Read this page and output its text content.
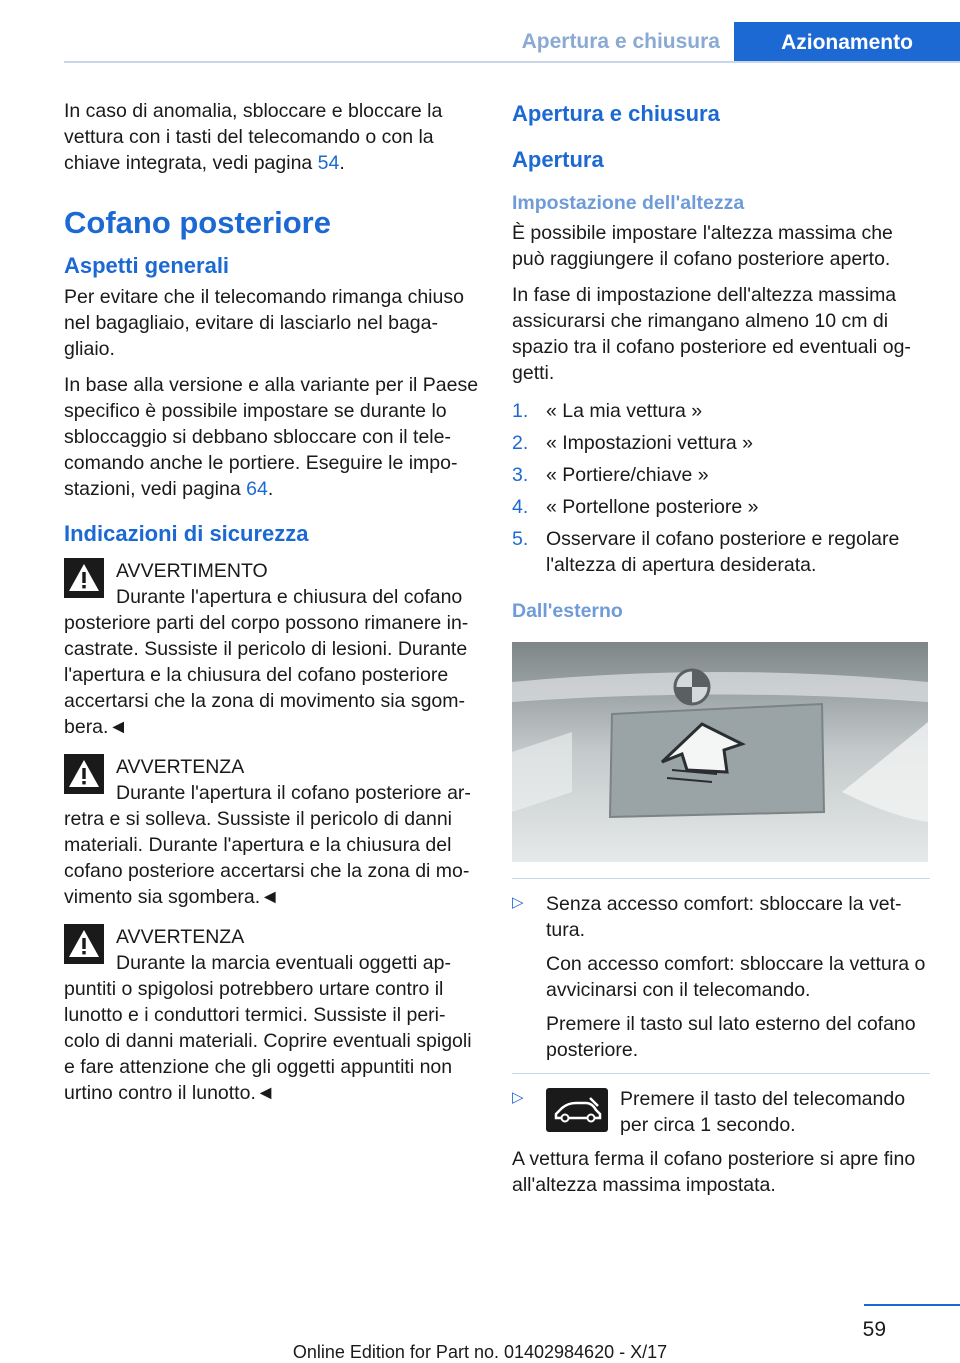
Apertura e chiusura	Azionamento

In caso di anomalia, sbloccare e bloccare la vettura con i tasti del telecomando o con la chiave integrata, vedi pagina 54.

Cofano posteriore
Aspetti generali

Per evitare che il telecomando rimanga chiuso nel bagagliaio, evitare di lasciarlo nel baga-gliaio.

In base alla versione e alla variante per il Paese specifico è possibile impostare se durante lo sbloccaggio si debbano sbloccare con il tele-comando anche le portiere. Eseguire le impo-stazioni, vedi pagina 64.

Indicazioni di sicurezza

AVVERTIMENTO

Durante l'apertura e chiusura del cofano posteriore parti del corpo possono rimanere in-castrate. Sussiste il pericolo di lesioni. Durante l'apertura e la chiusura del cofano posteriore accertarsi che la zona di movimento sia sgom-bera.◄

AVVERTENZA

Durante l'apertura il cofano posteriore ar-retra e si solleva. Sussiste il pericolo di danni materiali. Durante l'apertura e la chiusura del cofano posteriore accertarsi che la zona di mo-vimento sia sgombera.◄

AVVERTENZA

Durante la marcia eventuali oggetti ap-puntiti o spigolosi potrebbero urtare contro il lunotto e i conduttori termici. Sussiste il peri-colo di danni materiali. Coprire eventuali spigoli e fare attenzione che gli oggetti appuntiti non urtino contro il lunotto.◄

Apertura e chiusura
Apertura
Impostazione dell'altezza

È possibile impostare l'altezza massima che può raggiungere il cofano posteriore aperto.

In fase di impostazione dell'altezza massima assicurarsi che rimangano almeno 10 cm di spazio tra il cofano posteriore ed eventuali og-getti.

1. « La mia vettura »
2. « Impostazioni vettura »
3. « Portiere/chiave »
4. « Portellone posteriore »
5. Osservare il cofano posteriore e regolare l'altezza di apertura desiderata.
Dall'esterno
▷ Senza accesso comfort: sbloccare la vet-tura.

Con accesso comfort: sbloccare la vettura o avvicinarsi con il telecomando.

Premere il tasto sul lato esterno del cofano posteriore.

▷	Premere il tasto del telecomando per circa 1 secondo.

A vettura ferma il cofano posteriore si apre fino all'altezza massima impostata.

59
Online Edition for Part no. 01402984620 - X/17
